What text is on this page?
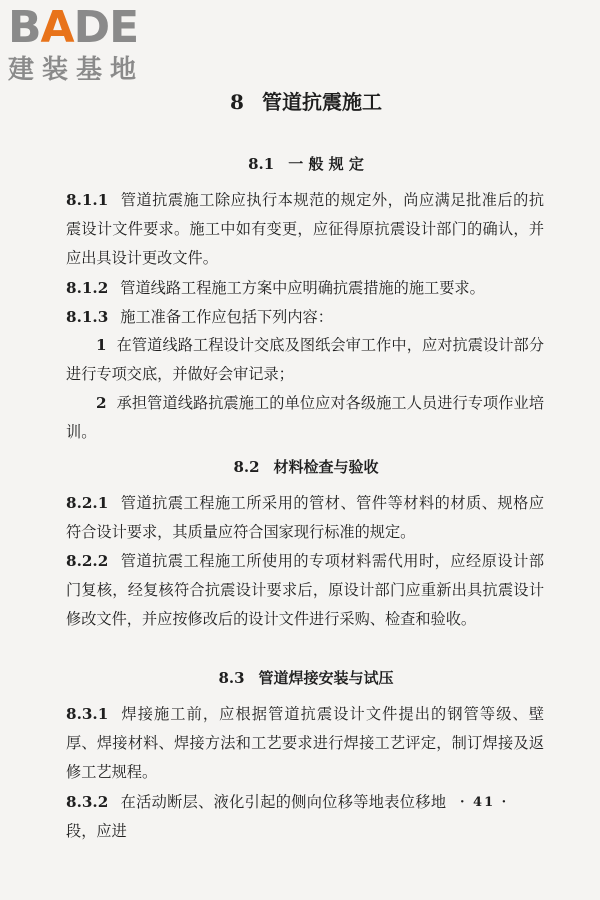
B A D E
建装基地
8 管道抗震施工
8.1 一 般 规 定
8.1.1 管道抗震施工除应执行本规范的规定外，尚应满足批准后的抗震设计文件要求。施工中如有变更，应征得原抗震设计部门的确认，并应出具设计更改文件。
8.1.2 管道线路工程施工方案中应明确抗震措施的施工要求。
8.1.3 施工准备工作应包括下列内容：
1 在管道线路工程设计交底及图纸会审工作中，应对抗震设计部分进行专项交底，并做好会审记录；
2 承担管道线路抗震施工的单位应对各级施工人员进行专项作业培训。
8.2 材料检查与验收
8.2.1 管道抗震工程施工所采用的管材、管件等材料的材质、规格应符合设计要求，其质量应符合国家现行标准的规定。
8.2.2 管道抗震工程施工所使用的专项材料需代用时，应经原设计部门复核，经复核符合抗震设计要求后，原设计部门应重新出具抗震设计修改文件，并应按修改后的设计文件进行采购、检查和验收。
8.3 管道焊接安装与试压
8.3.1 焊接施工前，应根据管道抗震设计文件提出的钢管等级、壁厚、焊接材料、焊接方法和工艺要求进行焊接工艺评定，制订焊接及返修工艺规程。
8.3.2 在活动断层、液化引起的侧向位移等地表位移地段，应进
· 41 ·
